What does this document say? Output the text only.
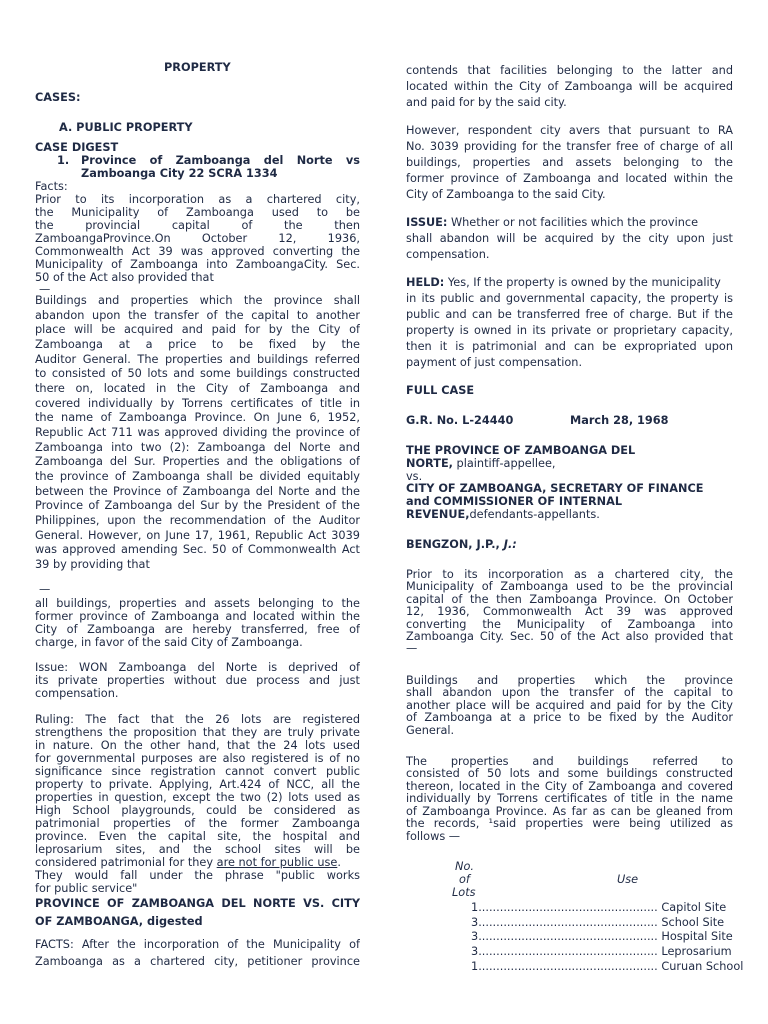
PROPERTY
CASES:
A. PUBLIC PROPERTY
CASE DIGEST
1. Province of Zamboanga del Norte vs
Zamboanga City 22 SCRA 1334
Facts:
Prior to its incorporation as a chartered city,
the Municipality of Zamboanga used to be
the provincial capital of the then
ZamboangaProvince.On October 12, 1936,
Commonwealth Act 39 was approved converting the
Municipality of Zamboanga into ZamboangaCity. Sec.
50 of the Act also provided that
—
Buildings and properties which the province shall
abandon upon the transfer of the capital to another
place will be acquired and paid for by the City of
Zamboanga at a price to be fixed by the
Auditor General. The properties and buildings referred
to consisted of 50 lots and some buildings constructed
there on, located in the City of Zamboanga and
covered individually by Torrens certificates of title in
the name of Zamboanga Province. On June 6, 1952,
Republic Act 711 was approved dividing the province of
Zamboanga into two (2): Zamboanga del Norte and
Zamboanga del Sur. Properties and the obligations of
the province of Zamboanga shall be divided equitably
between the Province of Zamboanga del Norte and the
Province of Zamboanga del Sur by the President of the
Philippines, upon the recommendation of the Auditor
General. However, on June 17, 1961, Republic Act 3039
was approved amending Sec. 50 of Commonwealth Act
39 by providing that
—
all buildings, properties and assets belonging to the
former province of Zamboanga and located within the
City of Zamboanga are hereby transferred, free of
charge, in favor of the said City of Zamboanga.
Issue: WON Zamboanga del Norte is deprived of
its private properties without due process and just
compensation.
Ruling: The fact that the 26 lots are registered
strengthens the proposition that they are truly private
in nature. On the other hand, that the 24 lots used
for governmental purposes are also registered is of no
significance since registration cannot convert public
property to private. Applying, Art.424 of NCC, all the
properties in question, except the two (2) lots used as
High School playgrounds, could be considered as
patrimonial properties of the former Zamboanga
province. Even the capital site, the hospital and
leprosarium sites, and the school sites will be
considered patrimonial for they are not for public use.
They would fall under the phrase "public works
for public service"
PROVINCE OF ZAMBOANGA DEL NORTE VS. CITY
OF ZAMBOANGA, digested
FACTS: After the incorporation of the Municipality of
Zamboanga as a chartered city, petitioner province
contends that facilities belonging to the latter and
located within the City of Zamboanga will be acquired
and paid for by the said city.
However, respondent city avers that pursuant to RA
No. 3039 providing for the transfer free of charge of all
buildings, properties and assets belonging to the
former province of Zamboanga and located within the
City of Zamboanga to the said City.
ISSUE: Whether or not facilities which the province
shall abandon will be acquired by the city upon just
compensation.
HELD: Yes, If the property is owned by the municipality
in its public and governmental capacity, the property is
public and can be transferred free of charge. But if the
property is owned in its private or proprietary capacity,
then it is patrimonial and can be expropriated upon
payment of just compensation.
FULL CASE
G.R. No. L-24440	March 28, 1968
THE PROVINCE OF ZAMBOANGA DEL
NORTE, plaintiff-appellee,
vs.
CITY OF ZAMBOANGA, SECRETARY OF FINANCE
and COMMISSIONER OF INTERNAL
REVENUE,defendants-appellants.
BENGZON, J.P., J.:
Prior to its incorporation as a chartered city, the
Municipality of Zamboanga used to be the provincial
capital of the then Zamboanga Province. On October
12, 1936, Commonwealth Act 39 was approved
converting the Municipality of Zamboanga into
Zamboanga City. Sec. 50 of the Act also provided that
—
Buildings and properties which the province
shall abandon upon the transfer of the capital to
another place will be acquired and paid for by the City
of Zamboanga at a price to be fixed by the Auditor
General.
The properties and buildings referred to
consisted of 50 lots and some buildings constructed
thereon, located in the City of Zamboanga and covered
individually by Torrens certificates of title in the name
of Zamboanga Province. As far as can be gleaned from
the records, ¹said properties were being utilized as
follows —
No.
of
Lots
Use
1.................................................. Capitol Site
3.................................................. School Site
3.................................................. Hospital Site
3.................................................. Leprosarium
1.................................................. Curuan School
